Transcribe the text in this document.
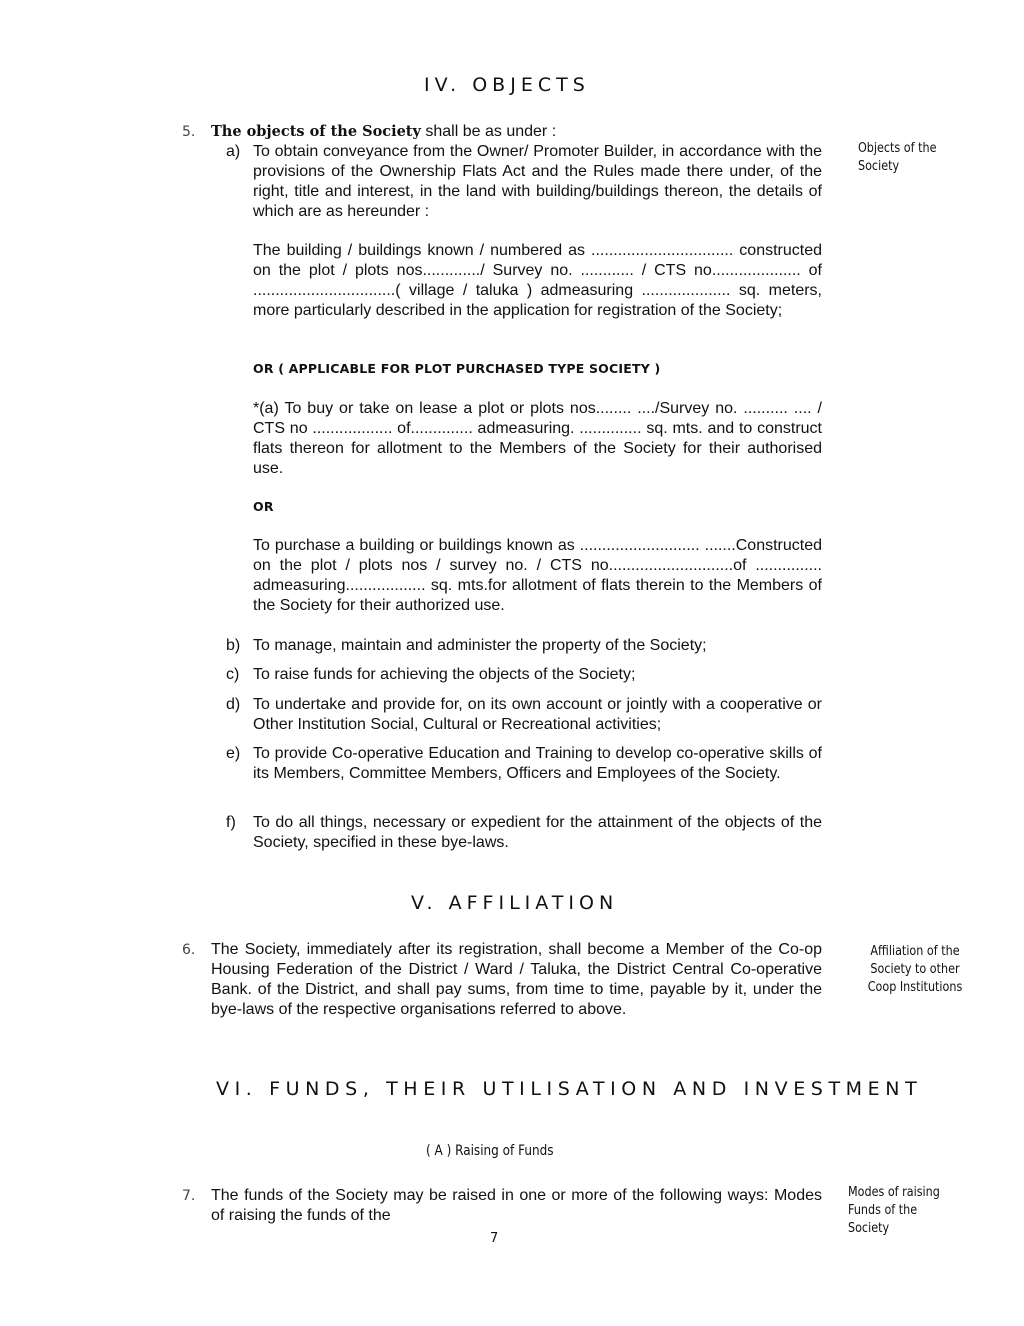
IV. OBJECTS
Objects of the
Society
5. The objects of the Society shall be as under :
a) To obtain conveyance from the Owner/ Promoter Builder, in accordance with the provisions of the Ownership Flats Act and the Rules made there under, of the right, title and interest, in the land with building/buildings thereon, the details of which are as hereunder :
The building / buildings known / numbered as ................................ constructed on the plot / plots nos............./ Survey no. ............ / CTS no.................... of ................................( village / taluka ) admeasuring .................... sq. meters, more particularly described in the application for registration of the Society;
OR ( APPLICABLE FOR PLOT PURCHASED TYPE SOCIETY )
*(a) To buy or take on lease a plot or plots nos........ ..../Survey no. .......... .... / CTS no .................. of.............. admeasuring. .............. sq. mts. and to construct flats thereon for allotment to the Members of the Society for their authorised use.
OR
To purchase a building or buildings known as ........................... .......Constructed on the plot / plots nos / survey no. / CTS no............................of ............... admeasuring.................. sq. mts.for allotment of flats therein to the Members of the Society for their authorized use.
b) To manage, maintain and administer the property of the Society;
c) To raise funds for achieving the objects of the Society;
d) To undertake and provide for, on its own account or jointly with a cooperative or Other Institution Social, Cultural or Recreational activities;
e) To provide Co-operative Education and Training to develop co-operative skills of its Members, Committee Members, Officers and Employees of the Society.
f) To do all things, necessary or expedient for the attainment of the objects of the Society, specified in these bye-laws.
V. AFFILIATION
Affiliation of the
Society to other
Coop Institutions
6. The Society, immediately after its registration, shall become a Member of the Co-op Housing Federation of the District / Ward / Taluka, the District Central Co-operative Bank. of the District, and shall pay sums, from time to time, payable by it, under the bye-laws of the respective organisations referred to above.
VI. FUNDS, THEIR UTILISATION AND INVESTMENT
( A ) Raising of Funds
Modes of raising
Funds of the
Society
7. The funds of the Society may be raised in one or more of the following ways: Modes of raising the funds of the
7
